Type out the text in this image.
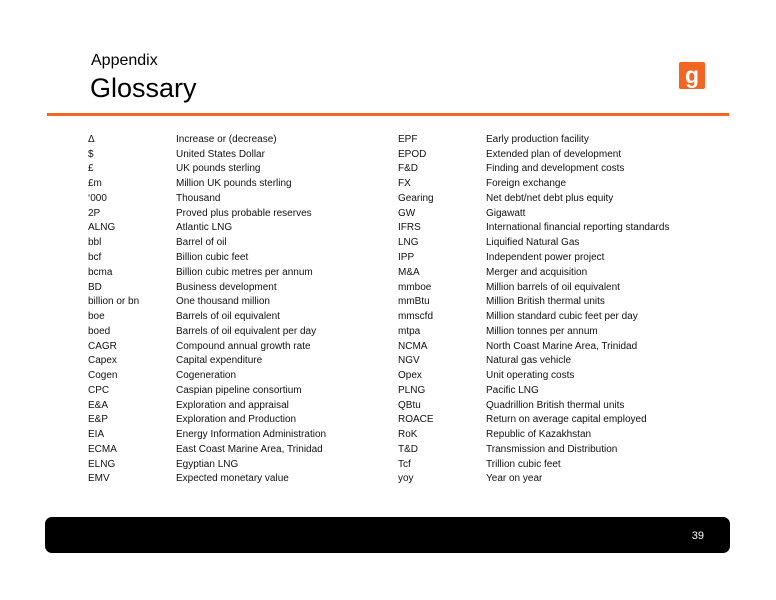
Appendix
Glossary	g
Δ	Increase or (decrease)
$	United States Dollar
£	UK pounds sterling
£m	Million UK pounds sterling
‘000	Thousand
2P	Proved plus probable reserves
ALNG	Atlantic LNG
bbl	Barrel of oil
bcf	Billion cubic feet
bcma	Billion cubic metres per annum
BD	Business development
billion or bn	One thousand million
boe	Barrels of oil equivalent
boed	Barrels of oil equivalent per day
CAGR	Compound annual growth rate
Capex	Capital expenditure
Cogen	Cogeneration
CPC	Caspian pipeline consortium
E&A	Exploration and appraisal
E&P	Exploration and Production
EIA	Energy Information Administration
ECMA	East Coast Marine Area, Trinidad
ELNG	Egyptian LNG
EMV	Expected monetary value
EPF	Early production facility
EPOD	Extended plan of development
F&D	Finding and development costs
FX	Foreign exchange
Gearing	Net debt/net debt plus equity
GW	Gigawatt
IFRS	International financial reporting standards
LNG	Liquified Natural Gas
IPP	Independent power project
M&A	Merger and acquisition
mmboe	Million barrels of oil equivalent
mmBtu	Million British thermal units
mmscfd	Million standard cubic feet per day
mtpa	Million tonnes per annum
NCMA	North Coast Marine Area, Trinidad
NGV	Natural gas vehicle
Opex	Unit operating costs
PLNG	Pacific LNG
QBtu	Quadrillion British thermal units
ROACE	Return on average capital employed
RoK	Republic of Kazakhstan
T&D	Transmission and Distribution
Tcf	Trillion cubic feet
yoy	Year on year
39
